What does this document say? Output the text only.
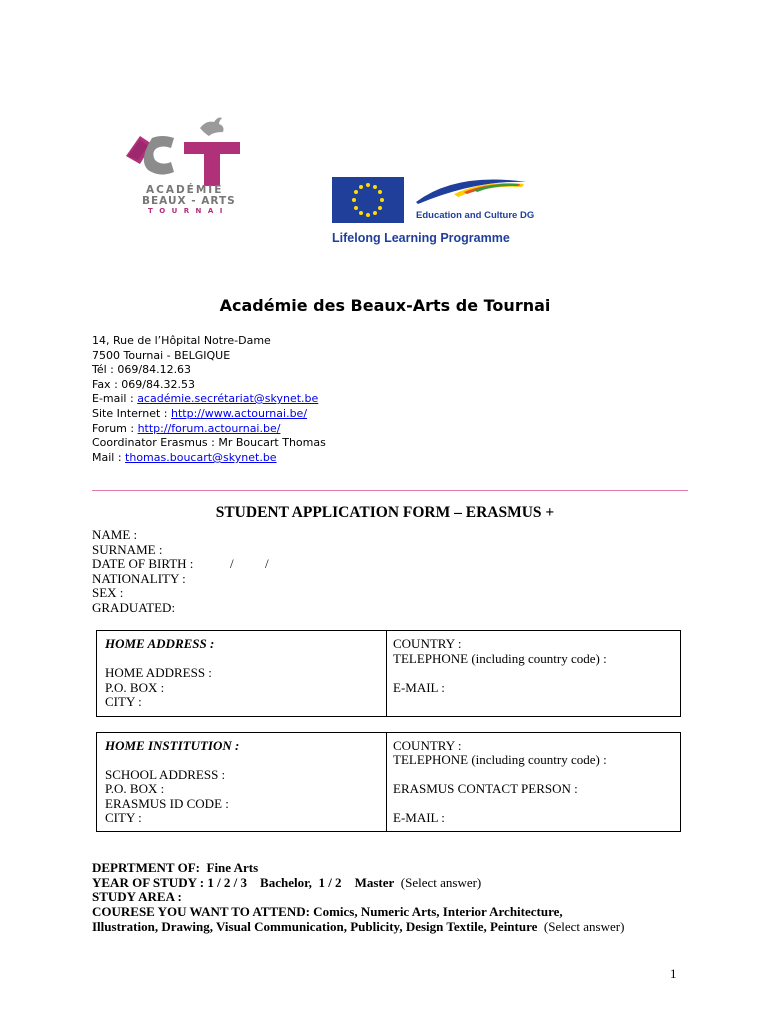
ACADÉMIE
BEAUX - ARTS
T O U R N A I	Education and Culture DG
Lifelong Learning Programme
Académie des Beaux-Arts de Tournai
14, Rue de l’Hôpital Notre-Dame
7500 Tournai - BELGIQUE
Tél : 069/84.12.63
Fax : 069/84.32.53
E-mail : académie.secrétariat@skynet.be
Site Internet : http://www.actournai.be/
Forum : http://forum.actournai.be/
Coordinator Erasmus : Mr Boucart Thomas
Mail : thomas.boucart@skynet.be
STUDENT APPLICATION FORM – ERASMUS +
NAME :
SURNAME :
DATE OF BIRTH :	/ /
NATIONALITY :
SEX :
GRADUATED:
HOME ADDRESS :
HOME ADDRESS :
P.O. BOX :
CITY :
COUNTRY :
TELEPHONE (including country code) :
E-MAIL :
HOME INSTITUTION :
SCHOOL ADDRESS :
P.O. BOX :
ERASMUS ID CODE :
CITY :
COUNTRY :
TELEPHONE (including country code) :
ERASMUS CONTACT PERSON :
E-MAIL :
DEPRTMENT OF: Fine Arts
YEAR OF STUDY : 1 / 2 / 3 Bachelor, 1 / 2 Master (Select answer)
STUDY AREA :
COURESE YOU WANT TO ATTEND: Comics, Numeric Arts, Interior Architecture,
Illustration, Drawing, Visual Communication, Publicity, Design Textile, Peinture (Select answer)
1
